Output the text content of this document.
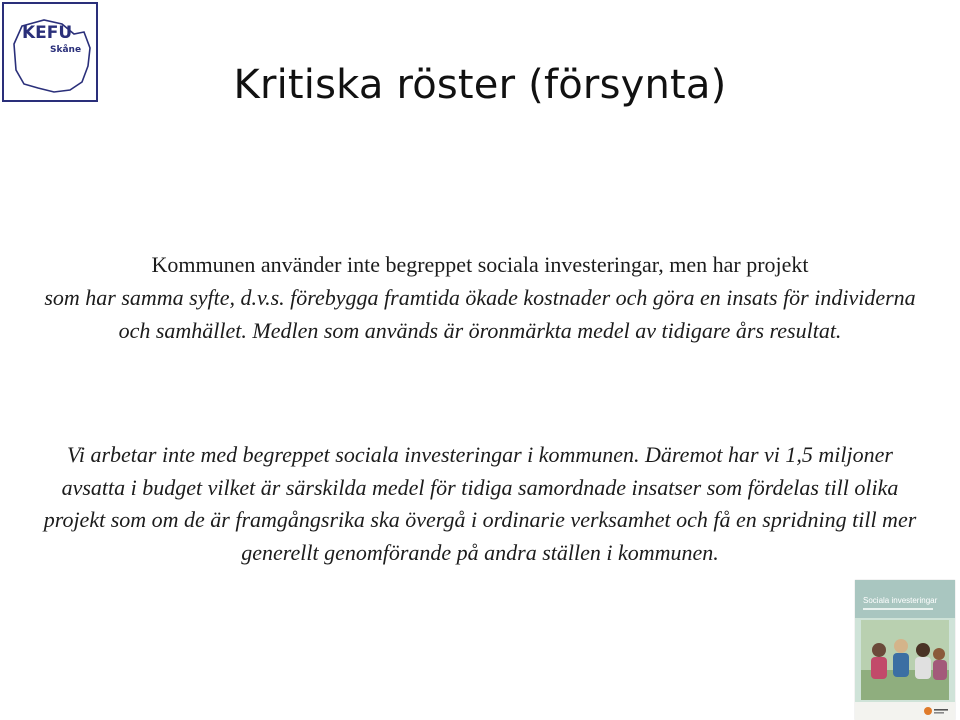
KEFU
Skåne
Kritiska röster (försynta)

Kommunen använder inte begreppet sociala investeringar, men har projekt
som har samma syfte, d.v.s. förebygga framtida ökade kostnader och göra en insats för individerna och samhället. Medlen som används är öronmärkta medel av tidigare års resultat.

Vi arbetar inte med begreppet sociala investeringar i kommunen. Däremot har vi 1,5 miljoner avsatta i budget vilket är särskilda medel för tidiga samordnade insatser som fördelas till olika projekt som om de är framgångsrika ska övergå i ordinarie verksamhet och få en spridning till mer generellt genomförande på andra ställen i kommunen.

Sociala investeringar
